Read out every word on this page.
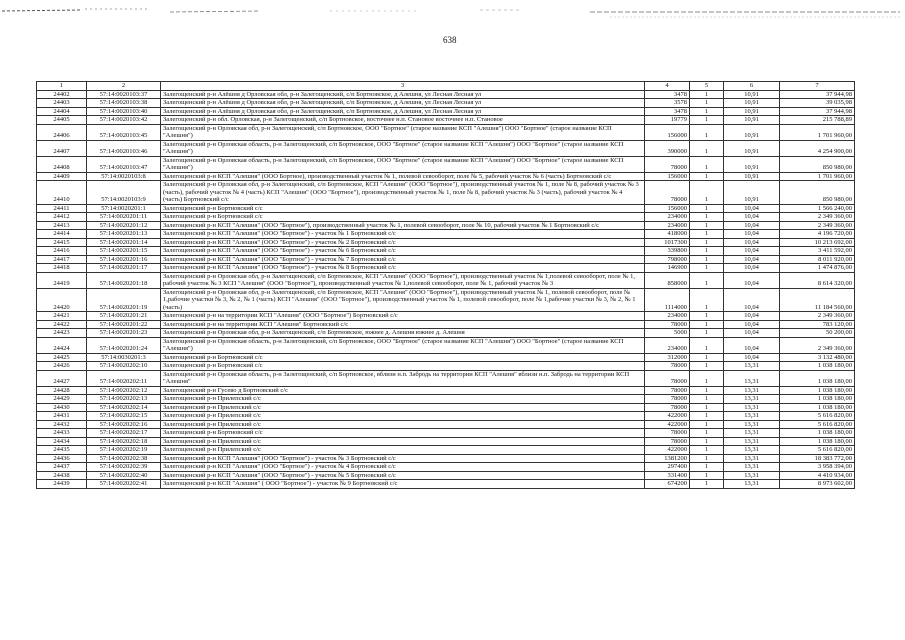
638
1	2	3	4	5	6	7
24402	57:14:0020103:37	Залегощенский р-н Алёшня д Орловская обл, р-н Залегощенский, с/п Бортновское, д Алешня, ул Лесная Лесная ул	3478	1	10,91	37 944,98
24403	57:14:0020103:38	Залегощенский р-н Алёшня д Орловская обл, р-н Залегощенский, с/п Бортновское, д Алешня, ул Лесная Лесная ул	3578	1	10,91	39 035,98
24404	57:14:0020103:40	Залегощенский р-н Алёшня д Орловская обл, р-н Залегощенский, с/п Бортновское, д Алешня, ул Лесная Лесная ул	3478	1	10,91	37 944,98
24405	57:14:0020103:42	Залегощенский р-н обл. Орловская, р-н Залегощенский, с/п Бортновское, восточнее н.п. Становое восточнее н.п. Становое	19779	1	10,91	215 788,89
24406	57:14:0020103:45	Залегощенский р-н Орловская обл, р-н Залегощенский, с/п Бортновское, ООО "Бортное" (старое название КСП "Алешня") ООО "Бортное" (старое название КСП "Алешня")	156000	1	10,91	1 701 960,00
24407	57:14:0020103:46	Залегощенский р-н Орловская область, р-н Залегощенский, с/п Бортновское, ООО "Бортное" (старое название КСП "Алешня") ООО "Бортное" (старое название КСП "Алешня")	390000	1	10,91	4 254 900,00
24408	57:14:0020103:47	Залегощенский р-н Орловская область, р-н Залегощенский, с/п Бортновское, ООО "Бортное" (старое название КСП "Алешня") ООО "Бортное" (старое название КСП "Алешня")	78000	1	10,91	850 980,00
24409	57:14:0020103:8	Залегощенский р-н КСП "Алешня" (ООО Бортное), производственный участок № 1, полевой севооборот, поле № 5, рабочий участок № 6 (часть) Бортновский с/с	156000	1	10,91	1 701 960,00
24410	57:14:0020103:9	Залегощенский р-н Орловская обл, р-н Залегощенский, с/п Бортновское, КСП "Алешня" (ООО "Бортное"), производственный участок № 1, поле № 8, рабочий участок № 3 (часть), рабочий участок № 4 (часть) КСП "Алешня" (ООО "Бортное"), производственный участок № 1, поле № 8, рабочий участок № 3 (часть), рабочий участок № 4 (часть) Бортновский с/с	78000	1	10,91	850 980,00
24411	57:14:0020201:1	Залегощенский р-н Бортновский с/с	156000	1	10,04	1 566 240,00
24412	57:14:0020201:11	Залегощенский р-н Бортновский с/с	234000	1	10,04	2 349 360,00
24413	57:14:0020201:12	Залегощенский р-н КСП "Алешня" (ООО "Бортное"), производственный участок № 1, полевой севооборот, поле № 10, рабочий участок № 1 Бортновский с/с	234000	1	10,04	2 349 360,00
24414	57:14:0020201:13	Залегощенский р-н КСП "Алешня" (ООО "Бортное") - участок № 1 Бортновский с/с	418000	1	10,04	4 196 720,00
24415	57:14:0020201:14	Залегощенский р-н КСП "Алешня" (ООО "Бортное") - участок № 2 Бортновский с/с	1017300	1	10,04	10 213 692,00
24416	57:14:0020201:15	Залегощенский р-н КСП "Алешня" (ООО "Бортное") - участок № 6 Бортновский с/с	339800	1	10,04	3 411 592,00
24417	57:14:0020201:16	Залегощенский р-н КСП "Алешня" (ООО "Бортное") - участок № 7 Бортновский с/с	798000	1	10,04	8 011 920,00
24418	57:14:0020201:17	Залегощенский р-н КСП "Алешня" (ООО "Бортное") - участок № 8 Бортновский с/с	146900	1	10,04	1 474 876,00
24419	57:14:0020201:18	Залегощенский р-н Орловская обл, р-н Залегощенский, с/п Бортновское, КСП "Алешня" (ООО "Бортное"), производственный участок № 1,полевой севооборот, поле № 1, рабочий участок № 3 КСП "Алешня" (ООО "Бортное"), производственный участок № 1,полевой севооборот, поле № 1, рабочий участок № 3	858000	1	10,04	8 614 320,00
24420	57:14:0020201:19	Залегощенский р-н Орловская обл, р-н Залегощенский, с/п Бортновское, КСП "Алешня" (ООО "Бортное"), производственный участок № 1, полевой севооборот, поле № 1,рабочие участки № 3, № 2, № 1 (часть) КСП "Алешня" (ООО "Бортное"), производственный участок № 1, полевой севооборот, поле № 1,рабочие участки № 3, № 2, № 1 (часть)	1114000	1	10,04	11 184 560,00
24421	57:14:0020201:21	Залегощенский р-н на территории КСП "Алешня" (ООО "Бортное") Бортновский с/с	234000	1	10,04	2 349 360,00
24422	57:14:0020201:22	Залегощенский р-н на территории КСП "Алешня" Бортновский с/с	78000	1	10,04	783 120,00
24423	57:14:0020201:23	Залегощенский р-н Орловская обл, р-н Залегощенский, с/п Бортновское, южнее д. Алешня южнее д. Алешня	5000	1	10,04	50 200,00
24424	57:14:0020201:24	Залегощенский р-н Орловская область, р-н Залегощенский, с/п Бортновское, ООО "Бортное" (старое название КСП "Алешня") ООО "Бортное" (старое название КСП "Алешня")	234000	1	10,04	2 349 360,00
24425	57:14:0030201:3	Залегощенский р-н Бортновский с/с	312000	1	10,04	3 132 480,00
24426	57:14:0020202:10	Залегощенский р-н Бортновский с/с	78000	1	13,31	1 038 180,00
24427	57:14:0020202:11	Залегощенский р-н Орловская область, р-н Залегощенский, с/п Бортновское, вблизи н.п. Забродь на территории КСП "Алешня" вблизи н.п. Забродь на территории КСП "Алешня"	78000	1	13,31	1 038 180,00
24428	57:14:0020202:12	Залегощенский р-н Гусево д Бортновский с/с	78000	1	13,31	1 038 180,00
24429	57:14:0020202:13	Залегощенский р-н Прилепский с/с	78000	1	13,31	1 038 180,00
24430	57:14:0020202:14	Залегощенский р-н Прилепский с/с	78000	1	13,31	1 038 180,00
24431	57:14:0020202:15	Залегощенский р-н Прилепский с/с	422000	1	13,31	5 616 820,00
24432	57:14:0020202:16	Залегощенский р-н Прилепский с/с	422000	1	13,31	5 616 820,00
24433	57:14:0020202:17	Залегощенский р-н Бортновский с/с	78000	1	13,31	1 038 180,00
24434	57:14:0020202:18	Залегощенский р-н Прилепский с/с	78000	1	13,31	1 038 180,00
24435	57:14:0020202:19	Залегощенский р-н Прилепский с/с	422000	1	13,31	5 616 820,00
24436	57:14:0020202:38	Залегощенский р-н КСП "Алешня" (ООО "Бортное") - участок № 3 Бортновский с/с	1381200	1	13,31	18 383 772,00
24437	57:14:0020202:39	Залегощенский р-н КСП "Алешня" (ООО "Бортное") - участок № 4 Бортновский с/с	297400	1	13,31	3 958 394,00
24438	57:14:0020202:40	Залегощенский р-н КСП "Алешня" (ООО "Бортное") - участок № 5 Бортновский с/с	331400	1	13,31	4 410 934,00
24439	57:14:0020202:41	Залегощенский р-н КСП "Алешня" ( ООО "Бортное") - участок № 9 Бортновский с/с	674200	1	13,31	8 973 602,00
